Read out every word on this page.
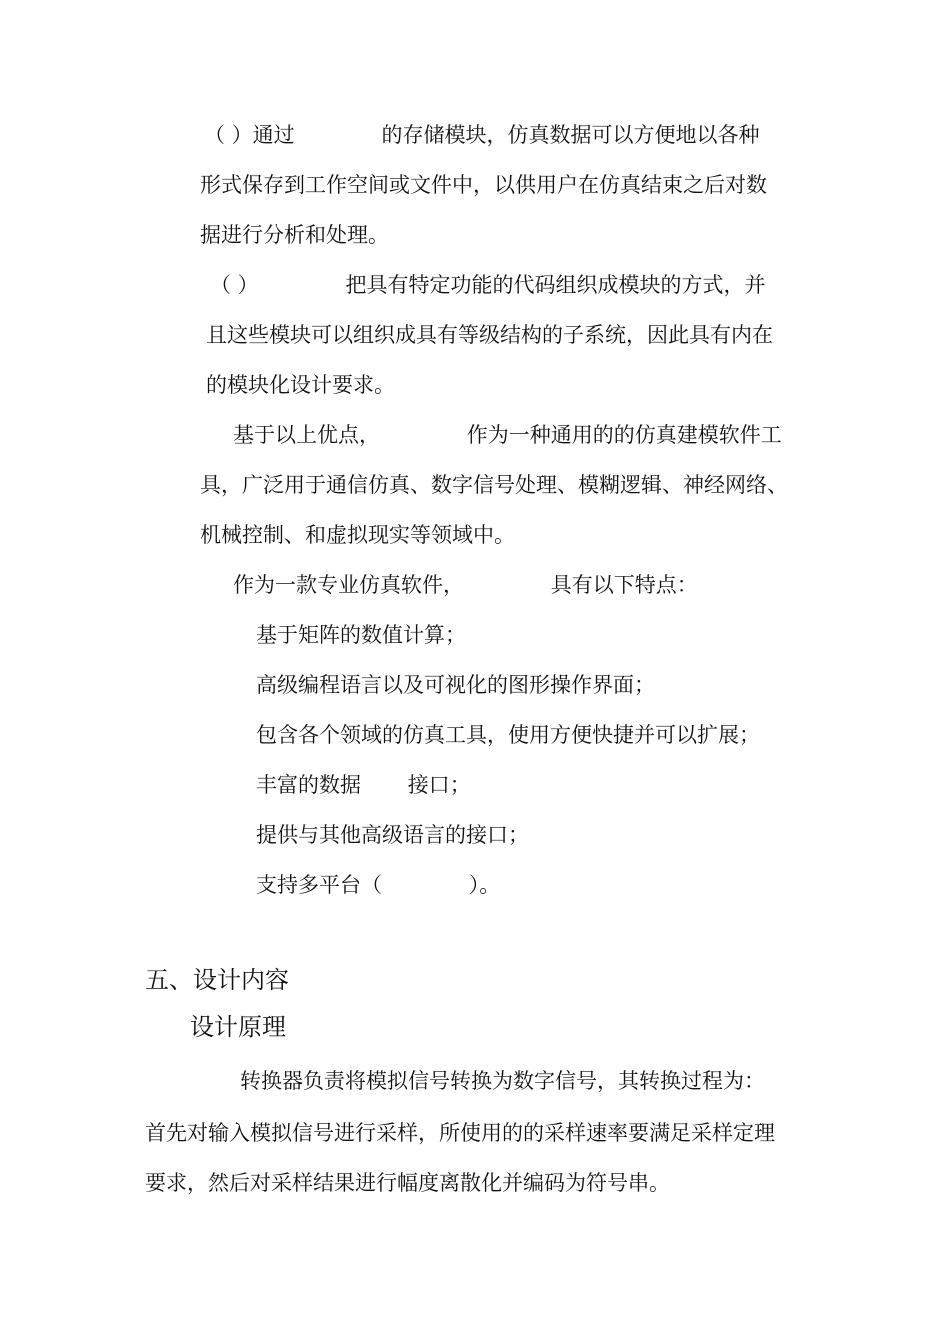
（ ）通过             的存储模块，仿真数据可以方便地以各种
形式保存到工作空间或文件中，以供用户在仿真结束之后对数
据进行分析和处理。
（ ）             把具有特定功能的代码组织成模块的方式，并
且这些模块可以组织成具有等级结构的子系统，因此具有内在
的模块化设计要求。
基于以上优点，             作为一种通用的的仿真建模软件工
具，广泛用于通信仿真、数字信号处理、模糊逻辑、神经网络、
机械控制、和虚拟现实等领域中。
作为一款专业仿真软件，             具有以下特点：
基于矩阵的数值计算；
高级编程语言以及可视化的图形操作界面；
包含各个领域的仿真工具，使用方便快捷并可以扩展；
丰富的数据       接口；
提供与其他高级语言的接口；
支持多平台（             ）。
五、设计内容
设计原理
转换器负责将模拟信号转换为数字信号，其转换过程为：
首先对输入模拟信号进行采样，所使用的的采样速率要满足采样定理
要求，然后对采样结果进行幅度离散化并编码为符号串。
